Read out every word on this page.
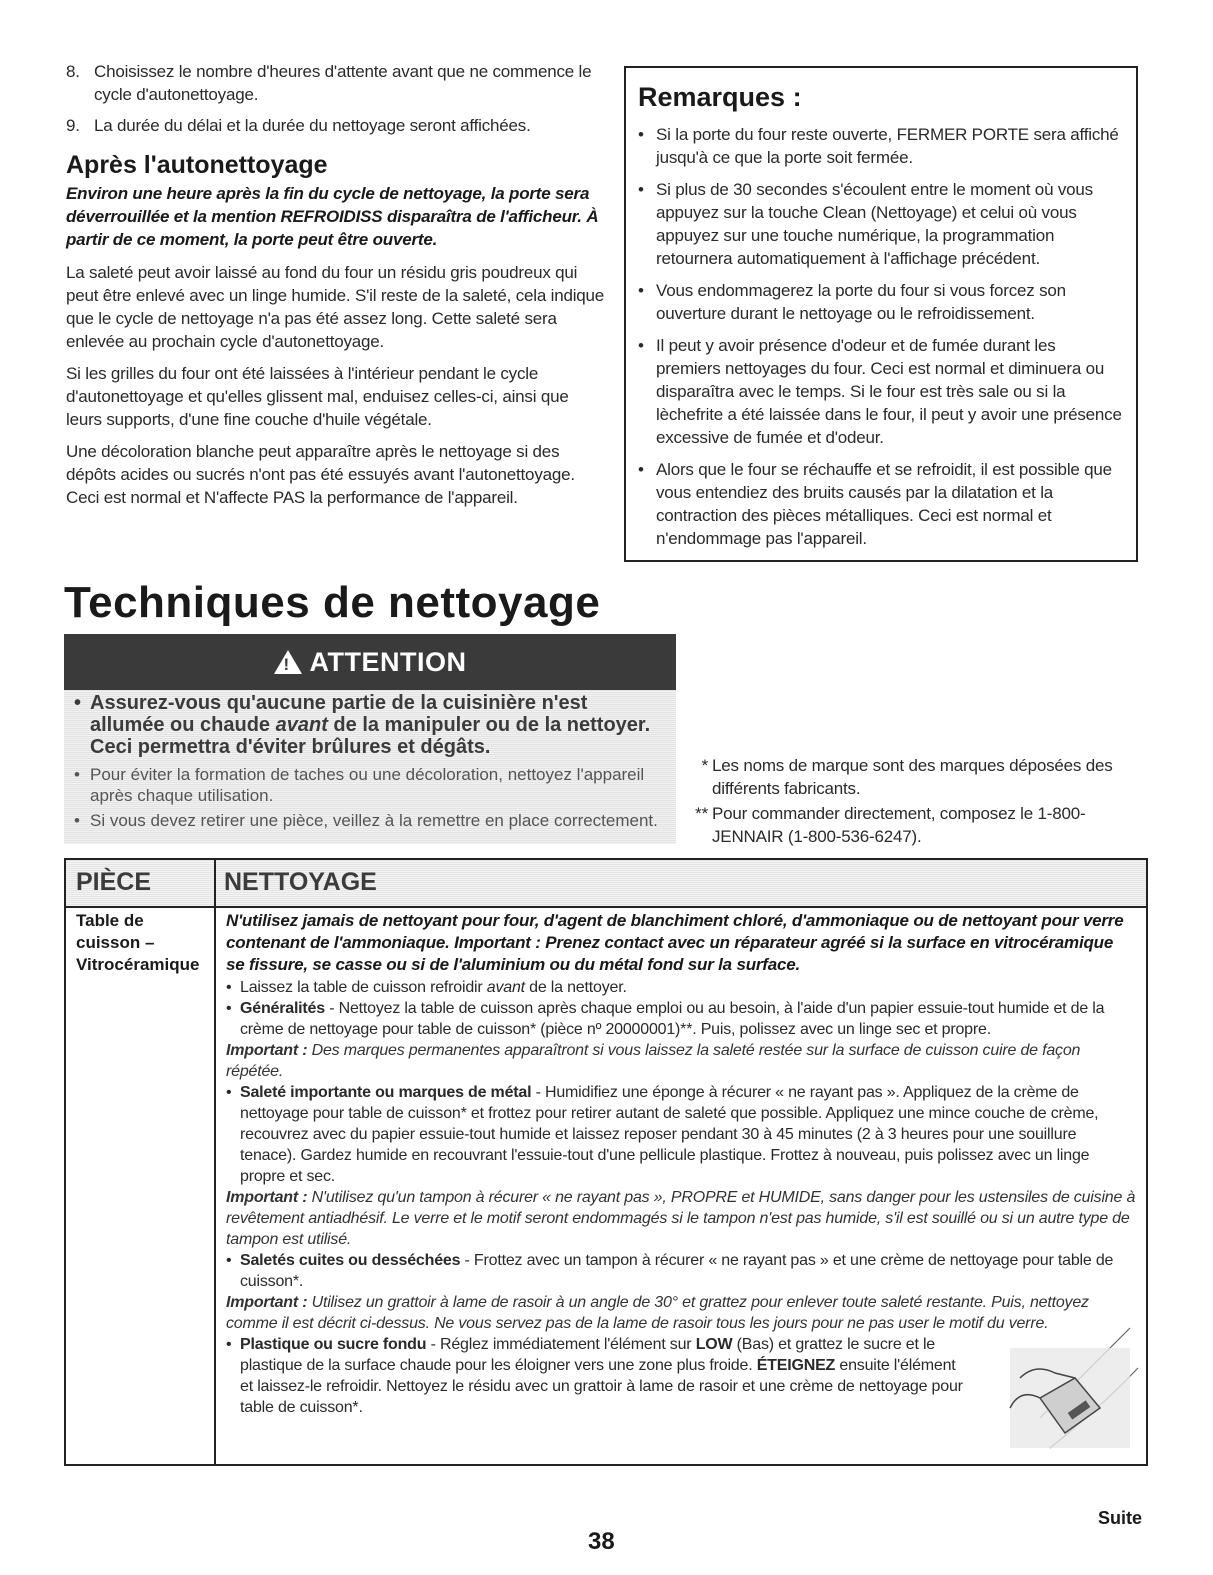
8. Choisissez le nombre d'heures d'attente avant que ne commence le cycle d'autonettoyage.
9. La durée du délai et la durée du nettoyage seront affichées.
Après l'autonettoyage
Environ une heure après la fin du cycle de nettoyage, la porte sera déverrouillée et la mention REFROIDISS disparaîtra de l'afficheur. À partir de ce moment, la porte peut être ouverte.

La saleté peut avoir laissé au fond du four un résidu gris poudreux qui peut être enlevé avec un linge humide. S'il reste de la saleté, cela indique que le cycle de nettoyage n'a pas été assez long. Cette saleté sera enlevée au prochain cycle d'autonettoyage.

Si les grilles du four ont été laissées à l'intérieur pendant le cycle d'autonettoyage et qu'elles glissent mal, enduisez celles-ci, ainsi que leurs supports, d'une fine couche d'huile végétale.

Une décoloration blanche peut apparaître après le nettoyage si des dépôts acides ou sucrés n'ont pas été essuyés avant l'autonettoyage. Ceci est normal et N'affecte PAS la performance de l'appareil.

Remarques :
• Si la porte du four reste ouverte, FERMER PORTE sera affiché jusqu'à ce que la porte soit fermée.
• Si plus de 30 secondes s'écoulent entre le moment où vous appuyez sur la touche Clean (Nettoyage) et celui où vous appuyez sur une touche numérique, la programmation retournera automatiquement à l'affichage précédent.
• Vous endommagerez la porte du four si vous forcez son ouverture durant le nettoyage ou le refroidissement.
• Il peut y avoir présence d'odeur et de fumée durant les premiers nettoyages du four. Ceci est normal et diminuera ou disparaîtra avec le temps. Si le four est très sale ou si la lèchefrite a été laissée dans le four, il peut y avoir une présence excessive de fumée et d'odeur.
• Alors que le four se réchauffe et se refroidit, il est possible que vous entendiez des bruits causés par la dilatation et la contraction des pièces métalliques. Ceci est normal et n'endommage pas l'appareil.
Techniques de nettoyage
! ATTENTION
• Assurez-vous qu'aucune partie de la cuisinière n'est allumée ou chaude avant de la manipuler ou de la nettoyer. Ceci permettra d'éviter brûlures et dégâts.
• Pour éviter la formation de taches ou une décoloration, nettoyez l'appareil après chaque utilisation.
• Si vous devez retirer une pièce, veillez à la remettre en place correctement.
* Les noms de marque sont des marques déposées des différents fabricants.
** Pour commander directement, composez le 1-800-JENNAIR (1-800-536-6247).
PIÈCE	NETTOYAGE
Table de cuisson – Vitrocéramique
N'utilisez jamais de nettoyant pour four, d'agent de blanchiment chloré, d'ammoniaque ou de nettoyant pour verre contenant de l'ammoniaque. Important : Prenez contact avec un réparateur agréé si la surface en vitrocéramique se fissure, se casse ou si de l'aluminium ou du métal fond sur la surface.
• Laissez la table de cuisson refroidir avant de la nettoyer.
• Généralités - Nettoyez la table de cuisson après chaque emploi ou au besoin, à l'aide d'un papier essuie-tout humide et de la crème de nettoyage pour table de cuisson* (pièce nº 20000001)**. Puis, polissez avec un linge sec et propre.
Important : Des marques permanentes apparaîtront si vous laissez la saleté restée sur la surface de cuisson cuire de façon répétée.
• Saleté importante ou marques de métal - Humidifiez une éponge à récurer « ne rayant pas ». Appliquez de la crème de nettoyage pour table de cuisson* et frottez pour retirer autant de saleté que possible. Appliquez une mince couche de crème, recouvrez avec du papier essuie-tout humide et laissez reposer pendant 30 à 45 minutes (2 à 3 heures pour une souillure tenace). Gardez humide en recouvrant l'essuie-tout d'une pellicule plastique. Frottez à nouveau, puis polissez avec un linge propre et sec.
Important : N'utilisez qu'un tampon à récurer « ne rayant pas », PROPRE et HUMIDE, sans danger pour les ustensiles de cuisine à revêtement antiadhésif. Le verre et le motif seront endommagés si le tampon n'est pas humide, s'il est souillé ou si un autre type de tampon est utilisé.
• Saletés cuites ou desséchées - Frottez avec un tampon à récurer « ne rayant pas » et une crème de nettoyage pour table de cuisson*.
Important : Utilisez un grattoir à lame de rasoir à un angle de 30° et grattez pour enlever toute saleté restante. Puis, nettoyez comme il est décrit ci-dessus. Ne vous servez pas de la lame de rasoir tous les jours pour ne pas user le motif du verre.
• Plastique ou sucre fondu - Réglez immédiatement l'élément sur LOW (Bas) et grattez le sucre et le plastique de la surface chaude pour les éloigner vers une zone plus froide. ÉTEIGNEZ ensuite l'élément et laissez-le refroidir. Nettoyez le résidu avec un grattoir à lame de rasoir et une crème de nettoyage pour table de cuisson*.
Suite
38
